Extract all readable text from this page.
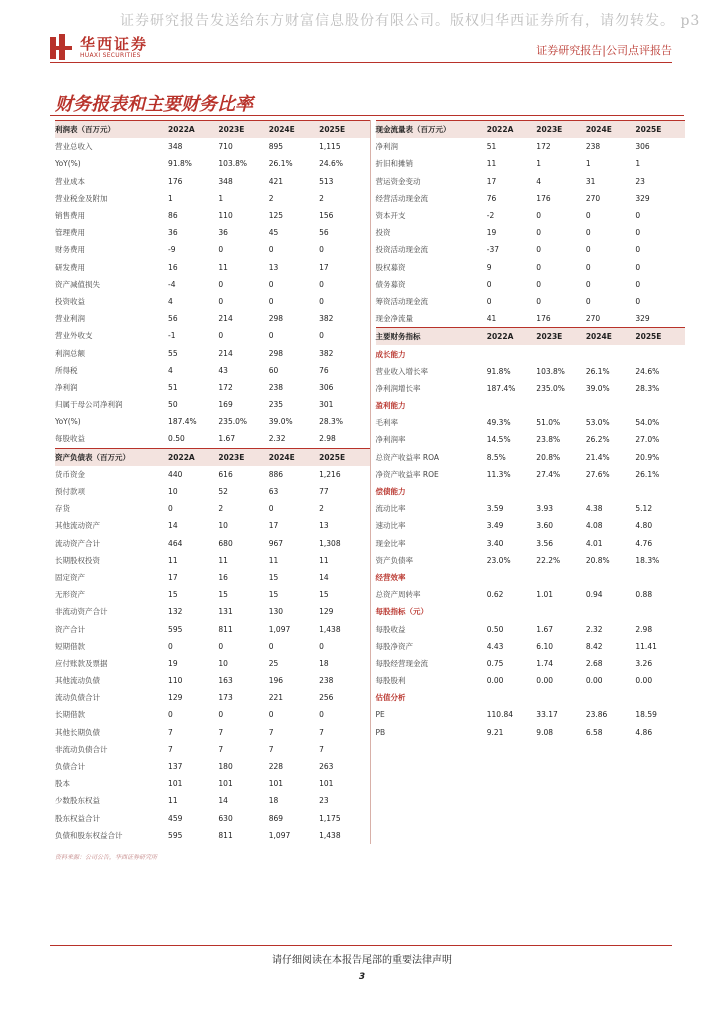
证券研究报告发送给东方财富信息股份有限公司。版权归华西证券所有，请勿转发。 p3
华西证券
HUAXI SECURITIES	证券研究报告|公司点评报告
财务报表和主要财务比率
利润表（百万元）	2022A	2023E	2024E	2025E
营业总收入	348	710	895	1,115
YoY(%)	91.8%	103.8%	26.1%	24.6%
营业成本	176	348	421	513
营业税金及附加	1	1	2	2
销售费用	86	110	125	156
管理费用	36	36	45	56
财务费用	-9	0	0	0
研发费用	16	11	13	17
资产减值损失	-4	0	0	0
投资收益	4	0	0	0
营业利润	56	214	298	382
营业外收支	-1	0	0	0
利润总额	55	214	298	382
所得税	4	43	60	76
净利润	51	172	238	306
归属于母公司净利润	50	169	235	301
YoY(%)	187.4%	235.0%	39.0%	28.3%
每股收益	0.50	1.67	2.32	2.98
资产负债表（百万元）	2022A	2023E	2024E	2025E
货币资金	440	616	886	1,216
预付款项	10	52	63	77
存货	0	2	0	2
其他流动资产	14	10	17	13
流动资产合计	464	680	967	1,308
长期股权投资	11	11	11	11
固定资产	17	16	15	14
无形资产	15	15	15	15
非流动资产合计	132	131	130	129
资产合计	595	811	1,097	1,438
短期借款	0	0	0	0
应付账款及票据	19	10	25	18
其他流动负债	110	163	196	238
流动负债合计	129	173	221	256
长期借款	0	0	0	0
其他长期负债	7	7	7	7
非流动负债合计	7	7	7	7
负债合计	137	180	228	263
股本	101	101	101	101
少数股东权益	11	14	18	23
股东权益合计	459	630	869	1,175
负债和股东权益合计	595	811	1,097	1,438
现金流量表（百万元）	2022A	2023E	2024E	2025E
净利润	51	172	238	306
折旧和摊销	11	1	1	1
营运资金变动	17	4	31	23
经营活动现金流	76	176	270	329
资本开支	-2	0	0	0
投资	19	0	0	0
投资活动现金流	-37	0	0	0
股权募资	9	0	0	0
债务募资	0	0	0	0
筹资活动现金流	0	0	0	0
现金净流量	41	176	270	329
主要财务指标	2022A	2023E	2024E	2025E
成长能力				
营业收入增长率	91.8%	103.8%	26.1%	24.6%
净利润增长率	187.4%	235.0%	39.0%	28.3%
盈利能力				
毛利率	49.3%	51.0%	53.0%	54.0%
净利润率	14.5%	23.8%	26.2%	27.0%
总资产收益率 ROA	8.5%	20.8%	21.4%	20.9%
净资产收益率 ROE	11.3%	27.4%	27.6%	26.1%
偿债能力				
流动比率	3.59	3.93	4.38	5.12
速动比率	3.49	3.60	4.08	4.80
现金比率	3.40	3.56	4.01	4.76
资产负债率	23.0%	22.2%	20.8%	18.3%
经营效率				
总资产周转率	0.62	1.01	0.94	0.88
每股指标（元）				
每股收益	0.50	1.67	2.32	2.98
每股净资产	4.43	6.10	8.42	11.41
每股经营现金流	0.75	1.74	2.68	3.26
每股股利	0.00	0.00	0.00	0.00
估值分析				
PE	110.84	33.17	23.86	18.59
PB	9.21	9.08	6.58	4.86
资料来源：公司公告，华西证券研究所
请仔细阅读在本报告尾部的重要法律声明
3
